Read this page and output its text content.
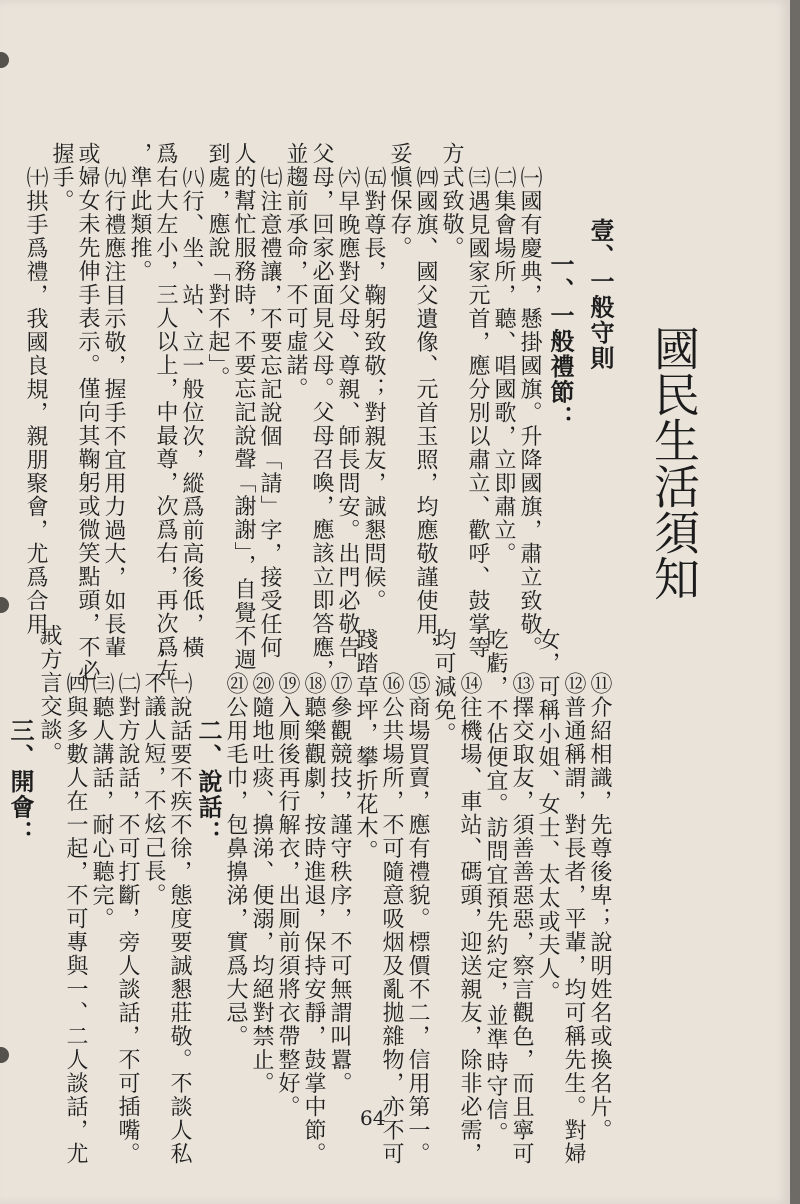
國民生活須知
壹、一般守則
一、一般禮節：
㈠國有慶典，懸掛國旗。升降國旗，肅立致敬。
㈡集會場所，聽、唱國歌，立即肅立。
㈢遇見國家元首，應分別以肅立、歡呼、鼓掌等
方式致敬。
㈣國旗、國父遺像、元首玉照，均應敬謹使用，
妥愼保存。
㈤對尊長，鞠躬致敬；對親友，誠懇問候。
㈥早晚應對父母、尊親、師長問安。出門必敬告
父母，回家必面見父母。父母召喚，應該立即答應，
並趨前承命，不可虛諾。
㈦注意禮讓，不要忘記說個「請」字，接受任何
人的幫忙服務時，不要忘記說聲「謝謝」，自覺不週
到處，應說「對不起」。
㈧行、坐、站、立一般位次，縱爲前高後低，橫
爲右大左小，三人以上，中最尊，次爲右，再次爲左
，準此類推。
㈨行禮應注目示敬，握手不宜用力過大，如長輩
或婦女未先伸手表示。僅向其鞠躬或微笑點頭，不必
握手。
㈩拱手爲禮，我國良規，親朋聚會，尤爲合用。
⑪介紹相識，先尊後卑；說明姓名或換名片。
⑫普通稱謂，對長者，平輩，均可稱先生。對婦
女，可稱小姐、女士、太太或夫人。
⑬擇交取友，須善善惡惡，察言觀色，而且寧可
吃虧，不佔便宜。訪問宜預先約定，並準時守信。
⑭往機場、車站、碼頭，迎送親友，除非必需，
均可減免。
⑮商場買賣，應有禮貌。標價不二，信用第一。
⑯公共場所，不可隨意吸烟及亂拋雜物，亦不可
踐踏草坪，攀折花木。
⑰參觀競技，謹守秩序，不可無謂叫囂。
⑱聽樂觀劇，按時進退，保持安靜，鼓掌中節。
⑲入厠後再行解衣，出厠前須將衣帶整好。
⑳隨地吐痰、擤涕、便溺，均絕對禁止。
㉑公用毛巾，包鼻擤涕，實爲大忌。
二、說話：
㈠說話要不疾不徐，態度要誠懇莊敬。不談人私
，不議人短，不炫己長。
㈡對方說話，不可打斷，旁人談話，不可插嘴。
㈢聽人講話，耐心聽完。
㈣與多數人在一起，不可專與一、二人談話，尤
戒方言交談。
三、開會：
64
